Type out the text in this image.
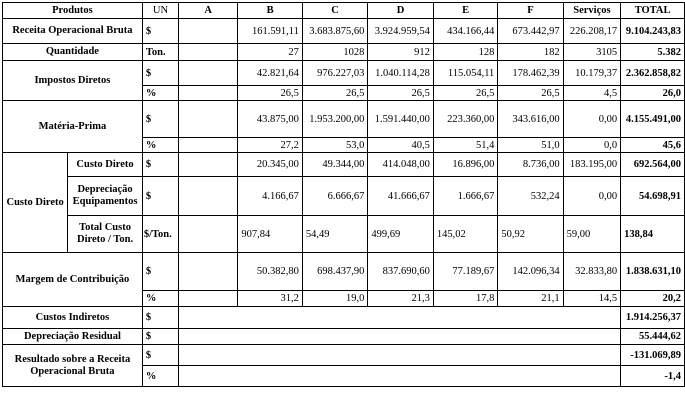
Produtos		UN	A	B	C	D	E	F	Serviços	TOTAL
Receita Operacional Bruta		$		161.591,11	3.683.875,60	3.924.959,54	434.166,44	673.442,97	226.208,17	9.104.243,83
Quantidade		Ton.		27	1028	912	128	182	3105	5.382
Impostos Diretos		$		42.821,64	976.227,03	1.040.114,28	115.054,11	178.462,39	10.179,37	2.362.858,82
		%		26,5	26,5	26,5	26,5	26,5	4,5	26,0
Matéria-Prima		$		43.875,00	1.953.200,00	1.591.440,00	223.360,00	343.616,00	0,00	4.155.491,00
		%		27,2	53,0	40,5	51,4	51,0	0,0	45,6
Custo Direto	Custo Direto	$		20.345,00	49.344,00	414.048,00	16.896,00	8.736,00	183.195,00	692.564,00
	Depreciação Equipamentos	$		4.166,67	6.666,67	41.666,67	1.666,67	532,24	0,00	54.698,91
	Total Custo Direto / Ton.	$/Ton.		907,84	54,49	499,69	145,02	50,92	59,00	138,84
Margem de Contribuição		$		50.382,80	698.437,90	837.690,60	77.189,67	142.096,34	32.833,80	1.838.631,10
		%		31,2	19,0	21,3	17,8	21,1	14,5	20,2
Custos Indiretos		$								1.914.256,37
Depreciação Residual		$								55.444,62
Resultado sobre a Receita Operacional Bruta		$								-131.069,89
		%								-1,4
